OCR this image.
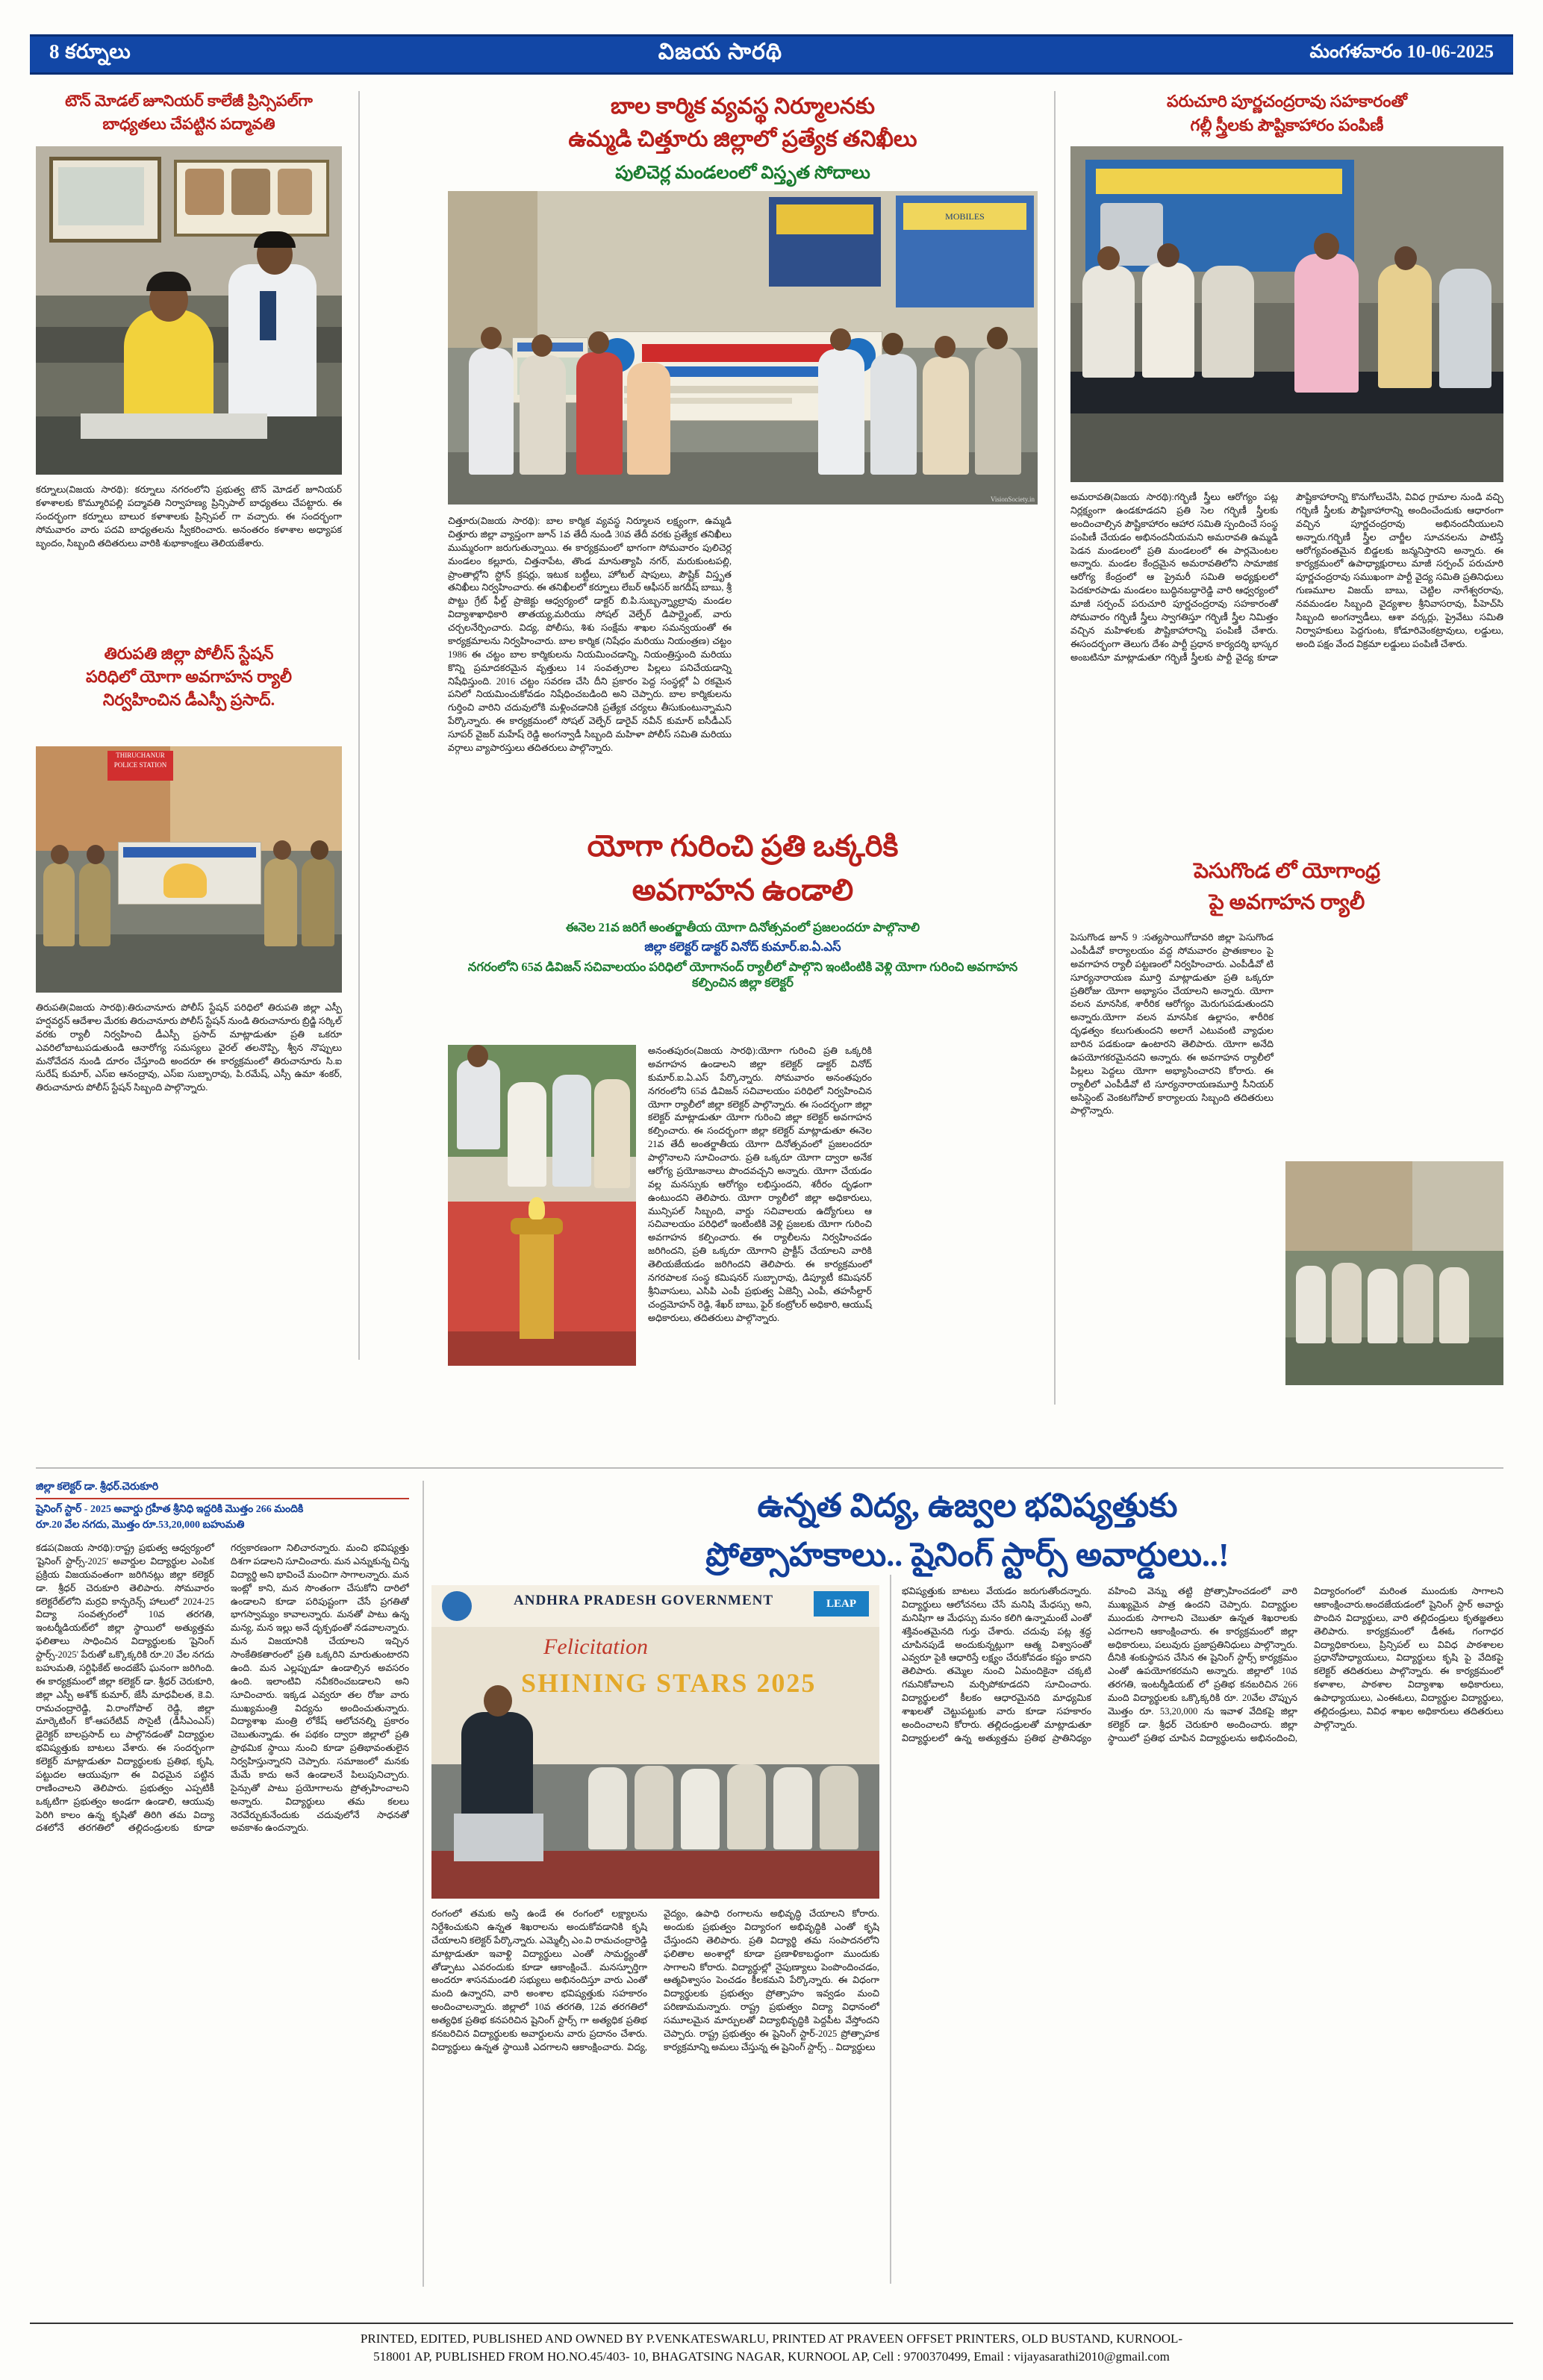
8 కర్నూలు	విజయ సారథి	మంగళవారం 10-06-2025
టౌన్ మోడల్ జూనియర్ కాలేజీ ప్రిన్సిపల్‌గా
బాధ్యతలు చేపట్టిన పద్మావతి
కర్నూలు(విజయ సారథి): కర్నూలు నగరంలోని ప్రభుత్వ టౌన్ మోడల్ జూనియర్ కళాశాలకు కొమ్మూరిపల్లి పద్మావతి నిర్వాహణ్య ప్రిన్సిపాల్ బాధ్యతలు చేపట్టారు. ఈ సందర్భంగా కర్నూలు బాలుర కళాశాలకు ప్రిన్సిపల్ గా వచ్చారు. ఈ సందర్భంగా సోమవారం వారు పదవి బాధ్యతలను స్వీకరించారు. అనంతరం కళాశాల అధ్యాపక బృందం, సిబ్బంది తదితరులు వారికి శుభాకాంక్షలు తెలియజేశారు.
తిరుపతి జిల్లా పోలీస్ స్టేషన్
పరిధిలో యోగా అవగాహన ర్యాలీ
నిర్వహించిన డీఎస్పీ ప్రసాద్.
THIRUCHANUR
POLICE STATION
తిరుపతి(విజయ సారథి):తిరుచానూరు పోలీస్ స్టేషన్ పరిధిలో తిరుపతి జిల్లా ఎస్పీ హర్షవర్ధన్ ఆదేశాల మేరకు తిరుచానూరు పోలీస్ స్టేషన్ నుండి తిరుచానూరు బ్రిడ్జి సర్కిల్ వరకు ర్యాలీ నిర్వహించి డీఎస్పీ ప్రసాద్ మాట్లాడుతూ ప్రతి ఒకరూ ఎవరిలోబాటుపడుతుండి ఆనారోగ్య సమస్యలు వైరల్ తలనొప్పి, శ్వీన నొప్పులు మనోవేదన నుండి దూరం చేస్తూంది అందరూ ఈ కార్యక్రమంలో తిరుచానూరు సి.ఐ సురేష్ కుమార్, ఎస్ఐ ఆనంద్రావు, ఎస్ఐ సుబ్బారావు, పి.రమేష్, ఎస్సీ ఉమా శంకర్, తిరుచానూరు పోలీస్ స్టేషన్ సిబ్బంది పాల్గొన్నారు.
బాల కార్మిక వ్యవస్థ నిర్మూలనకు
ఉమ్మడి చిత్తూరు జిల్లాలో ప్రత్యేక తనిఖీలు
పులిచెర్ల మండలంలో విస్తృత సోదాలు
MOBILES
VisionSociety.in
చిత్తూరు(విజయ సారథి): బాల కార్మిక వ్యవస్థ నిర్మూలన లక్ష్యంగా, ఉమ్మడి చిత్తూరు జిల్లా వ్యాప్తంగా జూన్ 1వ తేదీ నుండి 30వ తేదీ వరకు ప్రత్యేక తనిఖీలు ముమ్మరంగా జరుగుతున్నాయి. ఈ కార్యక్రమంలో భాగంగా సోమవారం పులిచెర్ల మండలం కల్లూరు, చిత్తనాపేట, తొండ మానుత్యాపి నగర్, మరుకుంటపల్లి, ప్రాంతాల్లోని స్టోన్ క్రషర్లు, ఇటుక బట్టీలు, హోటల్ షాపులు, పౌష్టిక్ విస్తృత తనిఖీలు నిర్వహించారు. ఈ తనిఖీలలో కర్నూలు లేబర్ ఆఫీసర్ జగదీష్ బాబు, శ్రీ పొట్టు గ్రేట్ ఫీల్డ్ ప్రాజెక్టు ఆధ్వర్యంలో డాక్టర్ బి.పి.సుబ్బన్న్యాల్రావు మండల విద్యాశాఖాధికారి తాతయ్య,మరియు సోషల్ వెల్ఫేర్ డిపార్ట్మెంట్, వారు చర్చలనేర్పించారు. విద్య, పోలీసు, శిశు సంక్షేమ శాఖల సమన్వయంతో ఈ కార్యక్రమాలను నిర్వహించారు. బాల కార్మిక (నిషేధం మరియు నియంత్రణ) చట్టం 1986 ఈ చట్టం బాల కార్మికులను నియమించడాన్ని, నియంత్రిస్తుంది మరియు కొన్ని ప్రమాదకరమైన వృత్తులు 14 సంవత్సరాల పిల్లలు పనిచేయడాన్ని నిషేధిస్తుంది. 2016 చట్టం సవరణ చేసి దీని ప్రకారం పెద్ద సంస్థల్లో ఏ రకమైన పనిలో నియమించుకోవడం నిషేధించబడింది అని చెప్పారు. బాల కార్మికులను గుర్తించి వారిని చదువులోకి మళ్లించడానికి ప్రత్యేక చర్యలు తీసుకుంటున్నామని పేర్కొన్నారు. ఈ కార్యక్రమంలో సోషల్ వెల్ఫేర్ డారైవ్ నవీన్ కుమార్ ఐసీడీఎస్ సూపర్ వైజర్ మహేష్ రెడ్డి అంగన్వాడీ సిబ్బంది మహిళా పోలీస్ సమితి మరియు వర్గాలు వ్యాపారస్తులు తదితరులు పాల్గొన్నారు.
యోగా గురించి ప్రతి ఒక్కరికి
అవగాహన ఉండాలి
ఈనెల 21వ జరిగే అంతర్జాతీయ యోగా దినోత్సవంలో ప్రజలందరూ పాల్గొనాలి
జిల్లా కలెక్టర్ డాక్టర్ వినోద్ కుమార్.ఐ.ఏ.ఎస్
నగరంలోని 65వ డివిజన్ సచివాలయం పరిధిలో యోగానంద్ ర్యాలీలో పాల్గొని ఇంటింటికి వెళ్లి యోగా గురించి అవగాహన కల్పించిన జిల్లా కలెక్టర్
అనంతపురం(విజయ సారథి):యోగా గురించి ప్రతి ఒక్కరికి అవగాహన ఉండాలని జిల్లా కలెక్టర్ డాక్టర్ వినోద్ కుమార్.ఐ.ఏ.ఎస్ పేర్కొన్నారు. సోమవారం అనంతపురం నగరంలోని 65వ డివిజన్ సచివాలయం పరిధిలో నిర్వహించిన యోగా ర్యాలీలో జిల్లా కలెక్టర్ పాల్గొన్నారు. ఈ సందర్భంగా జిల్లా కలెక్టర్ మాట్లాడుతూ యోగా గురించి జిల్లా కలెక్టర్ అవగాహన కల్పించారు. ఈ సందర్భంగా జిల్లా కలెక్టర్ మాట్లాడుతూ ఈనెల 21వ తేదీ అంతర్జాతీయ యోగా దినోత్సవంలో ప్రజలందరూ పాల్గొనాలని సూచించారు. ప్రతి ఒక్కరూ యోగా ద్వారా అనేక ఆరోగ్య ప్రయోజనాలు పొందవచ్చని అన్నారు. యోగా చేయడం వల్ల మనస్సుకు ఆరోగ్యం లభిస్తుందని, శరీరం దృఢంగా ఉంటుందని తెలిపారు. యోగా ర్యాలీలో జిల్లా అధికారులు, మున్సిపల్ సిబ్బంది, వార్డు సచివాలయ ఉద్యోగులు ఆ సచివాలయం పరిధిలో ఇంటింటికి వెళ్లి ప్రజలకు యోగా గురించి అవగాహన కల్పించారు. ఈ ర్యాలీలను నిర్వహించడం జరిగిందని, ప్రతి ఒక్కరూ యోగాని ప్రాక్టీస్ చేయాలని వారికి తెలియజేయడం జరిగిందని తెలిపారు. ఈ కార్యక్రమంలో నగరపాలక సంస్థ కమిషనర్ సుబ్బారావు, డిప్యూటీ కమిషనర్ శ్రీనివాసులు, ఎసిపి ఎంపీ ప్రభుత్వ ఏజెన్సీ ఎంపీ, తహసీల్దార్ చంద్రమోహన్ రెడ్డి, శేఖర్ బాబు, ఫైర్ కంట్రోలర్ అధికారి, ఆయుష్ అధికారులు, తదితరులు పాల్గొన్నారు.
పరుచూరి పూర్ణచంద్రరావు సహకారంతో
గల్లీ స్త్రీలకు పౌష్టికాహారం పంపిణీ
అమరావతి(విజయ సారథి):గర్భిణీ స్త్రీలు ఆరోగ్యం పట్ల నిర్లక్ష్యంగా ఉండకూడదని ప్రతి సెల గర్భిణీ స్త్రీలకు అందించాల్సిన పౌష్టికాహారం ఆహార సమితి స్పందించే సంస్థ పంపిణీ చేయడం అభినందనీయమని అమరావతి ఉమ్మడి పెడన మండలంలో ప్రతి మండలంలో ఈ పార్లమెంటల అన్నారు. మండల కేంద్రమైన అమరావతిలోని సామాజిక ఆరోగ్య కేంద్రంలో ఆ ప్రైమరీ సమితి అధ్యక్షులలో పెదకూరపాడు మండలం బుద్ధినబద్ధారెడ్డి వారి ఆధ్వర్యంలో మాజీ సర్పంచ్ పరుచూరి పూర్ణచంద్రరావు సహకారంతో సోమవారం గర్భిణీ స్త్రీలు స్వాగతిస్తూ గర్భిణీ స్త్రీల నిమిత్తం వచ్చిన మహిళలకు పౌష్టికాహారాన్ని పంపిణీ చేశారు. ఈసందర్భంగా తెలుగు దేశం పార్టీ ప్రధాన కార్యదర్శి భాస్కర అంబటినూ మాట్లాడుతూ గర్భిణీ స్త్రీలకు పార్టీ వైద్య కూడా పౌష్టికాహారాన్ని కొనుగోలుచేసి, వివిధ గ్రామాల నుండి వచ్చి గర్భిణీ స్త్రీలకు పౌష్టికాహారాన్ని అందించేందుకు ఆధారంగా వచ్చిన పూర్ణచంద్రరావు అభినందనీయులని అన్నారు.గర్భిణీ స్త్రీల చార్జీల సూచనలను పాటిస్తే ఆరోగ్యవంతమైన బిడ్డలకు జన్మనిస్తారని అన్నారు. ఈ కార్యక్రమంలో ఉపాధ్యాక్షురాలు మాజీ సర్పంచ్ పరుచూరి పూర్ణచంద్రరావు సముఖంగా పార్టీ వైద్య సమితి ప్రతినిధులు గుణమూల విజయ్ బాబు, చెట్టిల నాగేశ్వరరావు, నవమండల సిబ్బంది వైద్యశాల శ్రీనివాసరావు, పీహెచ్‌సి సిబ్బంది అంగన్వాడీలు, ఆశా వర్కర్లు, ప్రైవేటు సమితి నిర్వాహకులు పెద్దగుంట, కోడూరివెంకట్రావులు, లడ్డులు, అంది పక్షం వేంద విక్రమా లడ్డులు పంపిణీ చేశారు.
పెసుగొండ లో యోగాంధ్ర
పై అవగాహన ర్యాలీ
పెసుగొండ జూన్ 9 :సత్యసాయిగోదావరి జిల్లా పెసుగొండ ఎంపీడీవో కార్యాలయం వద్ద సోమవారం ప్రాతఃకాలం పై అవగాహన ర్యాలీ పట్టణంలో నిర్వహించారు. ఎంపీడీవో టి సూర్యనారాయణ మూర్తి మాట్లాడుతూ ప్రతి ఒక్కరూ ప్రతిరోజు యోగా అభ్యాసం చేయాలని అన్నారు. యోగా వలన మానసిక, శారీరిక ఆరోగ్యం మెరుగుపడుతుందని అన్నారు.యోగా వలన మానసిక ఉల్లాసం, శారీరిక దృఢత్వం కలుగుతుందని అలాగే ఎటువంటి వ్యాధుల బారిన పడకుండా ఉంటారని తెలిపారు. యోగా అనేది ఉపయోగకరమైనదని అన్నారు. ఈ అవగాహన ర్యాలీలో పిల్లలు పెద్దలు యోగా అభ్యాసించారని కోరారు. ఈ ర్యాలీలో ఎంపీడీవో టి సూర్యనారాయణమూర్తి సీనియర్ అసిస్టెంట్ వెంకటగోపాల్ కార్యాలయ సిబ్బంది తదితరులు పాల్గొన్నారు.
జిల్లా కలెక్టర్ డా. శ్రీధర్.చెరుకూరి
షైనింగ్ స్టార్ - 2025 అవార్డు గ్రహీత శ్రీనిధి ఇద్దరికి మొత్తం 266 మందికి
రూ.20 వేల నగదు, మొత్తం రూ.53,20,000 బహుమతి
ఉన్నత విద్య, ఉజ్వల భవిష్యత్తుకు
ప్రోత్సాహకాలు.. షైనింగ్ స్టార్స్ అవార్డులు..!
ANDHRA PRADESH GOVERNMENT	LEAP
Felicitation
SHINING STARS 2025
కడప(విజయ సారథి):రాష్ట్ర ప్రభుత్వ ఆధ్వర్యంలో 'షైనింగ్ స్టార్స్-2025' అవార్డుల విద్యార్థుల ఎంపిక ప్రక్రియ విజయవంతంగా జరిగినట్లు జిల్లా కలెక్టర్ డా. శ్రీధర్ చెరుకూరి తెలిపారు. సోమవారం కలెక్టరేట్‌లోని మర్రవి కాన్ఫరెన్స్ హాలులో 2024-25 విద్యా సంవత్సరంలో 10వ తరగతి, ఇంటర్మీడియట్‌లో జిల్లా స్థాయిలో అత్యుత్తమ ఫలితాలు సాధించిన విద్యార్థులకు 'షైనింగ్ స్టార్స్-2025' పేరుతో ఒక్కొక్కరికి రూ.20 వేల నగదు బహుమతి, సర్టిఫికేట్ అందజేసే ఘనంగా జరిగింది. ఈ కార్యక్రమంలో జిల్లా కలెక్టర్ డా. శ్రీధర్ చెరుకూరి, జిల్లా ఎస్పీ అశోక్ కుమార్, జేసీ మాధవీలత, కె.వి. రామచంద్రారెడ్డి, వి.రాంగోపాల్ రెడ్డి, జిల్లా మార్కెటింగ్ కో-ఆపరేటివ్ సొసైటీ (డీసీఎంఎస్) డైరెక్టర్ బాలప్రసాద్ లు పాల్గొనడంతో విద్యార్థుల భవిష్యత్తుకు బాటలు వేశారు. ఈ సందర్భంగా కలెక్టర్ మాట్లాడుతూ విద్యార్థులకు ప్రతిభ, కృషి, పట్టుదల ఆయువుగా ఈ విధమైన పట్టిన రాణించాలని తెలిపారు. ప్రభుత్వం ఎప్పటికీ ఒక్కటిగా ప్రభుత్వం అండగా ఉండాలి, ఆయువు పెరిగి కాలం ఉన్న కృషితో తిరిగి తమ విద్యా దశలోనే తరగతిలో తల్లిదండ్రులకు కూడా గర్వకారణంగా నిలిచారన్నారు. మంచి భవిష్యత్తు దిశగా పడాలని సూచించారు. మన ఎన్నుకున్న చిన్న విద్యార్థి అని భావించే మంచిగా సాగాలన్నారు. మన ఇంట్లో కాని, మన సొంతంగా చేసుకోని దారిలో ఉండాలని కూడా పరిపుష్టంగా చేసే ప్రగతితో భాగస్వామ్యం కావాలన్నారు. మనతో పాటు ఉన్న మన్య, మన ఇల్లు అనే దృక్పథంతో నడవాలన్నారు. మన విజయానికి చేయాలని ఇచ్చిన సాంకేతికతారంలో ప్రతి ఒక్కరిని మారుతుంటారని ఉంది. మన ఎల్లప్పుడూ ఉండాల్సిన అవసరం ఉంది. ఇలాంటివి నవీకరించబడాలని అని సూచించారు. ఇక్కడ ఎవ్వరూ తల రోజు వారు ముఖ్యమంత్రి విద్యను అందించుతున్నారు. విద్యాశాఖ మంత్రి లోకేష్ ఆలోచనల్ని ప్రకారం చెబుతున్నాడు. ఈ పథకం ద్వారా జిల్లాలో ప్రతి ప్రాథమిక స్థాయి నుంచి కూడా ప్రతిభావంతులైన నిర్వహిస్తున్నారని చెప్పారు. సమాజంలో మనకు మేమే కాదు అనే ఉండాలనే పిలుపునిచ్చారు. సైన్సుతో పాటు ప్రయోగాలను ప్రోత్సహించాలని అన్నారు. విద్యార్థులు తమ కలలు నెరవేర్చుకునేందుకు చదువులోనే సాధనతో అవకాశం ఉందన్నారు.
రంగంలో తమకు అస్తి ఉండే ఈ రంగంలో లక్ష్యాలను నిర్దేశించుకుని ఉన్నత శిఖరాలను అందుకోవడానికి కృషి చేయాలని కలెక్టర్ పేర్కొన్నారు. ఎమ్మెల్సీ ఎం.వి రామచంద్రారెడ్డి మాట్లాడుతూ ఇవాళ్టి విద్యార్థులు ఎంతో సామర్థ్యంతో తోడ్పాటు ఎవరందుకు కూడా ఆకాంక్షించే.. మనస్ఫూర్తిగా అందరూ శాసనమండలి సభ్యులు అభినందిస్తూ వారు ఎంతో మంది ఉన్నారని, వారి అంశాల భవిష్యత్తుకు సహకారం అందించాలన్నారు. జిల్లాలో 10వ తరగతి, 12వ తరగతిలో అత్యధిక ప్రతిభ కనపరిచిన షైనింగ్ స్టార్స్ గా అత్యధిక ప్రతిభ కనబరిచిన విద్యార్థులకు అవార్డులను వారు ప్రదానం చేశారు. విద్యార్థులు ఉన్నత స్థాయికి ఎదగాలని ఆకాంక్షించారు. విద్య, వైద్యం, ఉపాధి రంగాలను అభివృద్ధి చేయాలని కోరారు. అందుకు ప్రభుత్వం విద్యారంగ అభివృద్ధికి ఎంతో కృషి చేస్తుందని తెలిపారు. ప్రతి విద్యార్థి తమ సంపాదనలోని ఫలితాల అంశాల్లో కూడా ప్రణాళికాబద్ధంగా ముందుకు సాగాలని కోరారు. విద్యార్థుల్లో నైపుణ్యాలు పెంపొందించడం, ఆత్మవిశ్వాసం పెంచడం కీలకమని పేర్కొన్నారు. ఈ విధంగా విద్యార్థులకు ప్రభుత్వం ప్రోత్సాహం ఇవ్వడం మంచి పరిణామమన్నారు. రాష్ట్ర ప్రభుత్వం విద్యా విధానంలో సమూలమైన మార్పులతో విద్యాభివృద్ధికి పెద్దపీట వేస్తోందని చెప్పారు. రాష్ట్ర ప్రభుత్వం ఈ షైనింగ్ స్టార్-2025 ప్రోత్సాహక కార్యక్రమాన్ని అమలు చేస్తున్న ఈ షైనింగ్ స్టార్స్ .. విద్యార్థులు
భవిష్యత్తుకు బాటలు వేయడం జరుగుతోందన్నారు. విద్యార్థులు ఆలోచనలు చేసే మనిషి మేధస్సు అని, మనిషిగా ఆ మేధస్సు మనం కలిగి ఉన్నామంటే ఎంతో శక్తివంతమైనది గుర్తు చేశారు. చదువు పట్ల శ్రద్ధ చూపినపుడే అందుకున్నట్లుగా ఆత్మ విశ్వాసంతో ఎవ్వరూ పైకి ఆధారిస్తే లక్ష్యం చేరుకోవడం కష్టం కాదని తెలిపారు. తమ్మెల నుంచి ఏమందికైనా చక్కటి గమనికోవాలని మర్చిపోకూడదని సూచించారు. విద్యార్థులలో కీలకం ఆధారమైనది మాధ్యమిక శాఖలతో చెట్టుపట్టుకు వారు కూడా సహకారం అందించాలని కోరారు. తల్లిదండ్రులతో మాట్లాడుతూ విద్యార్థులలో ఉన్న అత్యుత్తమ ప్రతిభ ప్రాతినిధ్యం వహించి వెన్ను తట్టి ప్రోత్సాహించడంలో వారి ముఖ్యమైన పాత్ర ఉందని చెప్పారు. విద్యార్థుల ముందుకు సాగాలని చెబుతూ ఉన్నత శిఖరాలకు ఎదగాలని ఆకాంక్షించారు. ఈ కార్యక్రమంలో జిల్లా అధికారులు, పలువురు ప్రజాప్రతినిధులు పాల్గొన్నారు. దీనికి శంకుస్థాపన చేసిన ఈ షైనింగ్ స్టార్స్ కార్యక్రమం ఎంతో ఉపయోగకరమని అన్నారు. జిల్లాలో 10వ తరగతి, ఇంటర్మీడియట్ లో ప్రతిభ కనబరిచిన 266 మంది విద్యార్థులకు ఒక్కొక్కరికి రూ. 20వేల చొప్పున మొత్తం రూ. 53,20,000 ను ఇవాళ వేదికపై జిల్లా కలెక్టర్ డా. శ్రీధర్ చెరుకూరి అందించారు. జిల్లా స్థాయిలో ప్రతిభ చూపిన విద్యార్థులను అభినందించి, విద్యారంగంలో మరింత ముందుకు సాగాలని ఆకాంక్షించారు.అందజేయడంలో షైనింగ్ స్టార్ అవార్డు పొందిన విద్యార్థులు, వారి తల్లిదండ్రులు కృతజ్ఞతలు తెలిపారు. కార్యక్రమంలో డీఈఓ గంగాధర విద్యాధికారులు, ప్రిన్సిపల్ లు వివిధ పాఠశాలల ప్రధానోపాధ్యాయులు, విద్యార్థులు కృషి పై వేదికపై కలెక్టర్ తదితరులు పాల్గొన్నారు. ఈ కార్యక్రమంలో కళాశాల, పాఠశాల విద్యాశాఖ అధికారులు, ఉపాధ్యాయులు, ఎంఈఓలు, విద్యార్థుల విద్యార్థులు, తల్లిదండ్రులు, వివిధ శాఖల అధికారులు తదితరులు పాల్గొన్నారు.
PRINTED, EDITED, PUBLISHED AND OWNED BY P.VENKATESWARLU, PRINTED AT PRAVEEN OFFSET PRINTERS, OLD BUSTAND, KURNOOL-
518001 AP, PUBLISHED FROM HO.NO.45/403- 10, BHAGATSING NAGAR, KURNOOL AP, Cell : 9700370499, Email : vijayasarathi2010@gmail.com
